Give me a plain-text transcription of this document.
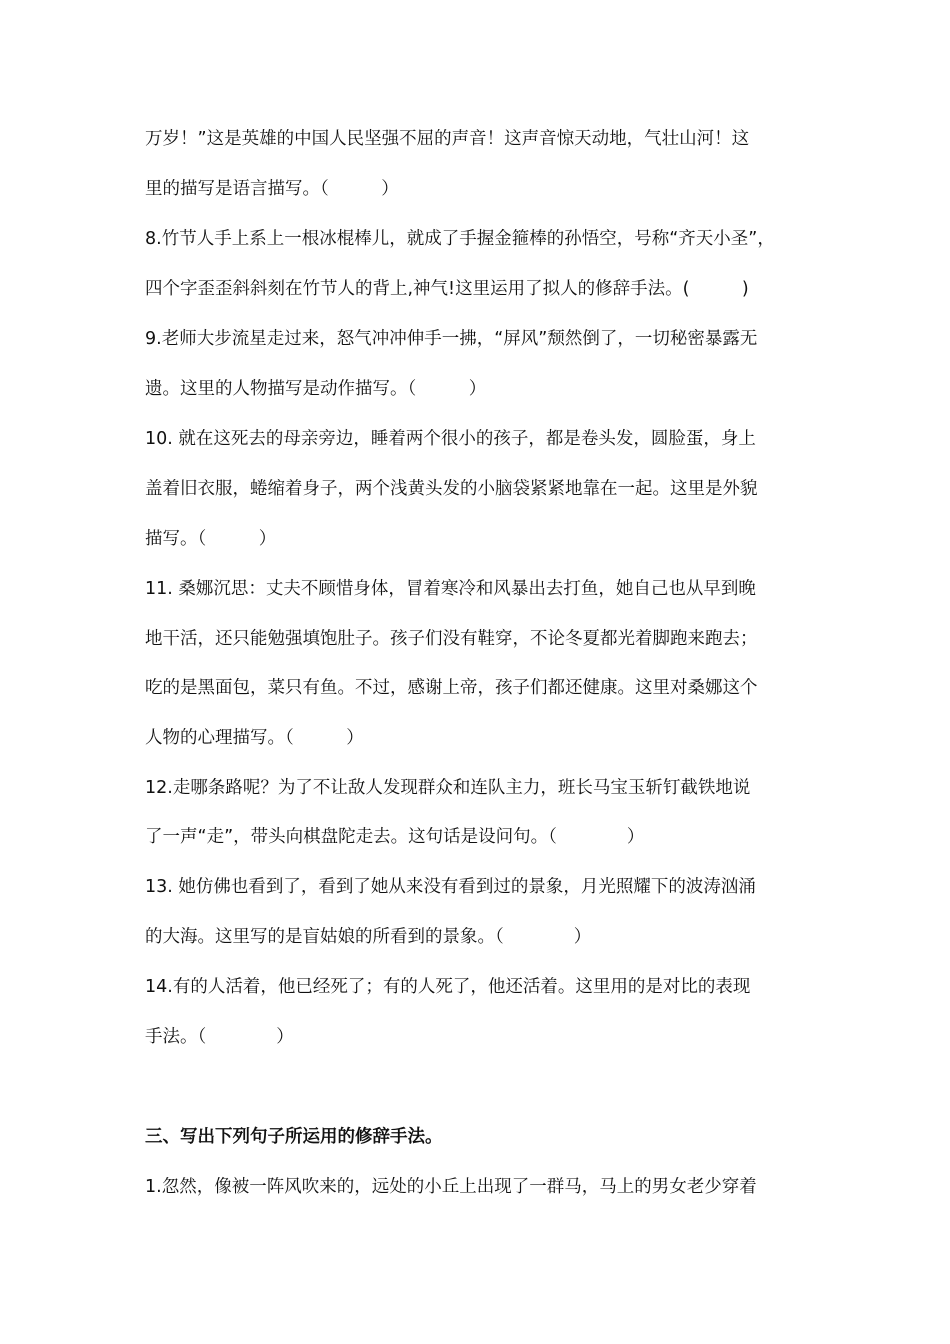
万岁！”这是英雄的中国人民坚强不屈的声音！这声音惊天动地，气壮山河！这

里的描写是语言描写。（　　　）

8.竹节人手上系上一根冰棍棒儿，就成了手握金箍棒的孙悟空，号称“齐天小圣”，

四个字歪歪斜斜刻在竹节人的背上,神气!这里运用了拟人的修辞手法。(　　　)

9.老师大步流星走过来，怒气冲冲伸手一拂，“屏风”颓然倒了，一切秘密暴露无

遗。这里的人物描写是动作描写。（　　　）

10. 就在这死去的母亲旁边，睡着两个很小的孩子，都是卷头发，圆脸蛋，身上

盖着旧衣服，蜷缩着身子，两个浅黄头发的小脑袋紧紧地靠在一起。这里是外貌

描写。（　　　）

11. 桑娜沉思：丈夫不顾惜身体，冒着寒冷和风暴出去打鱼，她自己也从早到晚

地干活，还只能勉强填饱肚子。孩子们没有鞋穿，不论冬夏都光着脚跑来跑去；

吃的是黑面包，菜只有鱼。不过，感谢上帝，孩子们都还健康。这里对桑娜这个

人物的心理描写。（　　　）

12.走哪条路呢？为了不让敌人发现群众和连队主力，班长马宝玉斩钉截铁地说

了一声“走”，带头向棋盘陀走去。这句话是设问句。（　　　　）

13. 她仿佛也看到了，看到了她从来没有看到过的景象，月光照耀下的波涛汹涌

的大海。这里写的是盲姑娘的所看到的景象。（　　　　）

14.有的人活着，他已经死了；有的人死了，他还活着。这里用的是对比的表现

手法。（　　　　）

三、写出下列句子所运用的修辞手法。

1.忽然，像被一阵风吹来的，远处的小丘上出现了一群马，马上的男女老少穿着
